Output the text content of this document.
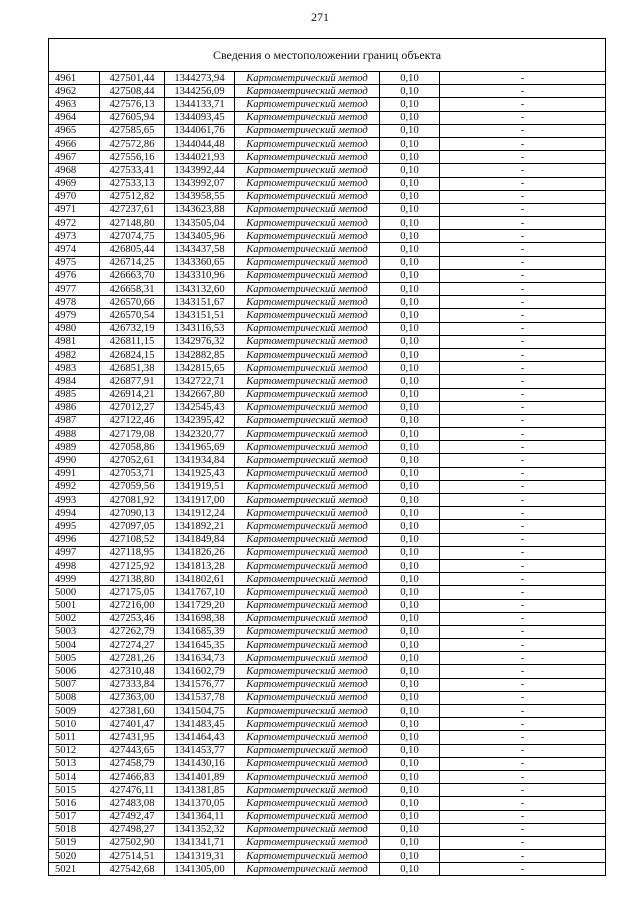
271
Сведения о местоположении границ объекта
4961	427501,44	1344273,94	Картометрический метод	0,10	-
4962	427508,44	1344256,09	Картометрический метод	0,10	-
4963	427576,13	1344133,71	Картометрический метод	0,10	-
4964	427605,94	1344093,45	Картометрический метод	0,10	-
4965	427585,65	1344061,76	Картометрический метод	0,10	-
4966	427572,86	1344044,48	Картометрический метод	0,10	-
4967	427556,16	1344021,93	Картометрический метод	0,10	-
4968	427533,41	1343992,44	Картометрический метод	0,10	-
4969	427533,13	1343992,07	Картометрический метод	0,10	-
4970	427512,82	1343958,55	Картометрический метод	0,10	-
4971	427237,61	1343623,88	Картометрический метод	0,10	-
4972	427148,80	1343505,04	Картометрический метод	0,10	-
4973	427074,75	1343405,96	Картометрический метод	0,10	-
4974	426805,44	1343437,58	Картометрический метод	0,10	-
4975	426714,25	1343360,65	Картометрический метод	0,10	-
4976	426663,70	1343310,96	Картометрический метод	0,10	-
4977	426658,31	1343132,60	Картометрический метод	0,10	-
4978	426570,66	1343151,67	Картометрический метод	0,10	-
4979	426570,54	1343151,51	Картометрический метод	0,10	-
4980	426732,19	1343116,53	Картометрический метод	0,10	-
4981	426811,15	1342976,32	Картометрический метод	0,10	-
4982	426824,15	1342882,85	Картометрический метод	0,10	-
4983	426851,38	1342815,65	Картометрический метод	0,10	-
4984	426877,91	1342722,71	Картометрический метод	0,10	-
4985	426914,21	1342667,80	Картометрический метод	0,10	-
4986	427012,27	1342545,43	Картометрический метод	0,10	-
4987	427122,46	1342395,42	Картометрический метод	0,10	-
4988	427179,08	1342320,77	Картометрический метод	0,10	-
4989	427058,86	1341965,69	Картометрический метод	0,10	-
4990	427052,61	1341934,84	Картометрический метод	0,10	-
4991	427053,71	1341925,43	Картометрический метод	0,10	-
4992	427059,56	1341919,51	Картометрический метод	0,10	-
4993	427081,92	1341917,00	Картометрический метод	0,10	-
4994	427090,13	1341912,24	Картометрический метод	0,10	-
4995	427097,05	1341892,21	Картометрический метод	0,10	-
4996	427108,52	1341849,84	Картометрический метод	0,10	-
4997	427118,95	1341826,26	Картометрический метод	0,10	-
4998	427125,92	1341813,28	Картометрический метод	0,10	-
4999	427138,80	1341802,61	Картометрический метод	0,10	-
5000	427175,05	1341767,10	Картометрический метод	0,10	-
5001	427216,00	1341729,20	Картометрический метод	0,10	-
5002	427253,46	1341698,38	Картометрический метод	0,10	-
5003	427262,79	1341685,39	Картометрический метод	0,10	-
5004	427274,27	1341645,35	Картометрический метод	0,10	-
5005	427281,26	1341634,73	Картометрический метод	0,10	-
5006	427310,48	1341602,79	Картометрический метод	0,10	-
5007	427333,84	1341576,77	Картометрический метод	0,10	-
5008	427363,00	1341537,78	Картометрический метод	0,10	-
5009	427381,60	1341504,75	Картометрический метод	0,10	-
5010	427401,47	1341483,45	Картометрический метод	0,10	-
5011	427431,95	1341464,43	Картометрический метод	0,10	-
5012	427443,65	1341453,77	Картометрический метод	0,10	-
5013	427458,79	1341430,16	Картометрический метод	0,10	-
5014	427466,83	1341401,89	Картометрический метод	0,10	-
5015	427476,11	1341381,85	Картометрический метод	0,10	-
5016	427483,08	1341370,05	Картометрический метод	0,10	-
5017	427492,47	1341364,11	Картометрический метод	0,10	-
5018	427498,27	1341352,32	Картометрический метод	0,10	-
5019	427502,90	1341341,71	Картометрический метод	0,10	-
5020	427514,51	1341319,31	Картометрический метод	0,10	-
5021	427542,68	1341305,00	Картометрический метод	0,10	-
